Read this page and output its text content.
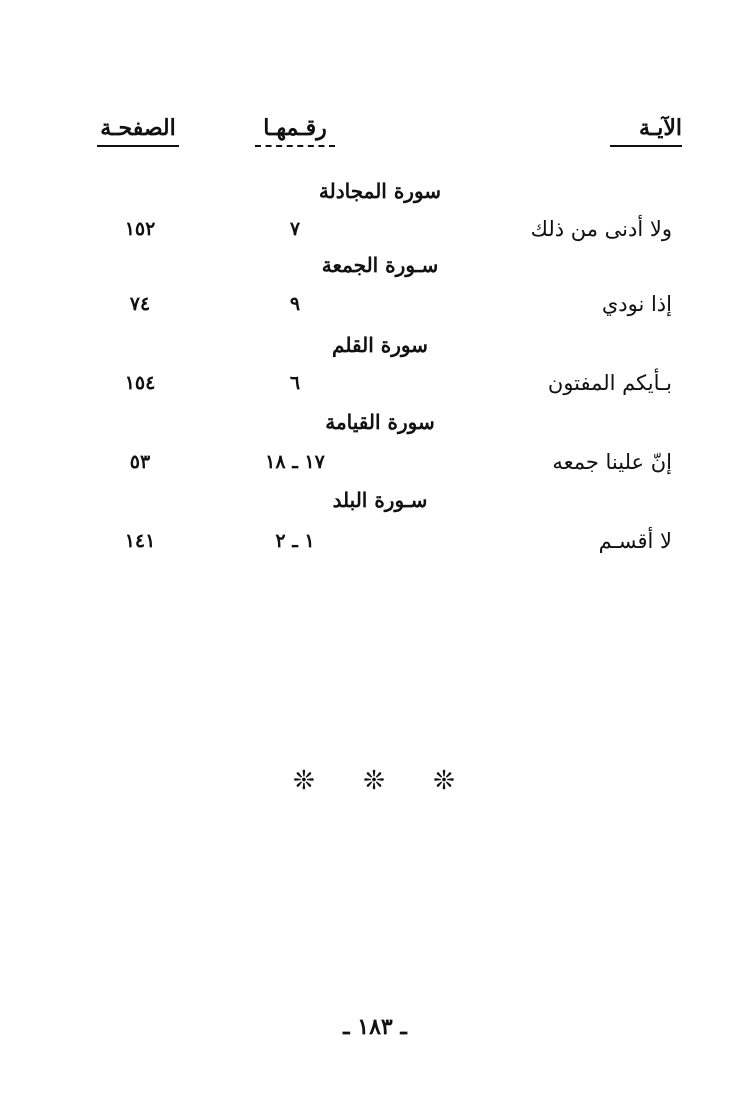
الآيـة
رقـمهـا
الصفحـة
سورة المجادلة
ولا أدنى من ذلك
٧
١٥٢
سـورة الجمعة
إذا نودي
٩
٧٤
سورة القلم
بـأيكم المفتون
٦
١٥٤
سورة القيامة
إنّ علينا جمعه
١٧ ـ ١٨
٥٣
سـورة البلد
لا أقسـم
١ ـ ٢
١٤١
❊ ❊ ❊
ـ ١٨٣ ـ
